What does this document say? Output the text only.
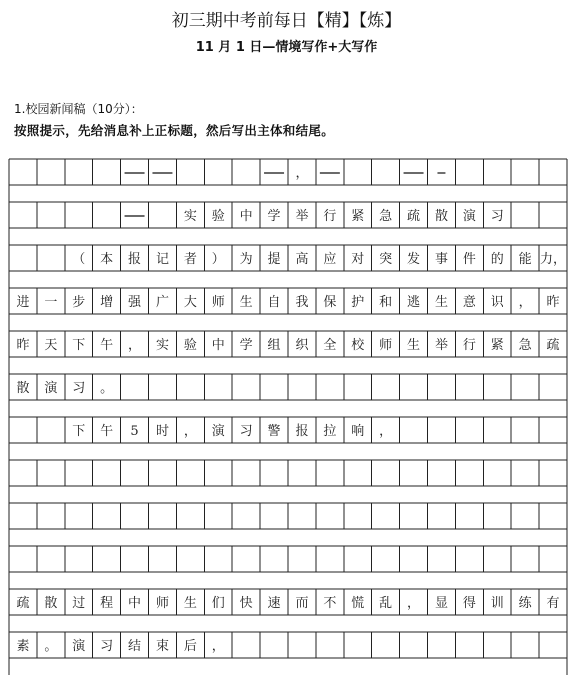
初三期中考前每日【精】【炼】
11 月 1 日—情境写作+大写作
1.校园新闻稿（10分）：
按照提示，先给消息补上正标题，然后写出主体和结尾。
，
实 验 中 学 举 行 紧 急 疏 散 演 习
（ 本 报 记 者 ） 为 提 高 应 对 突 发 事 件 的 能 力，
进 一 步 增 强 广 大 师 生 自 我 保 护 和 逃 生 意 识 ， 昨
昨 天 下 午 ， 实 验 中 学 组 织 全 校 师 生 举 行 紧 急 疏
散 演 习 。
下 午 5 时 ， 演 习 警 报 拉 响 ，
疏 散 过 程 中 师 生 们 快 速 而 不 慌 乱 ， 显 得 训 练 有
素 。 演 习 结 束 后 ，
